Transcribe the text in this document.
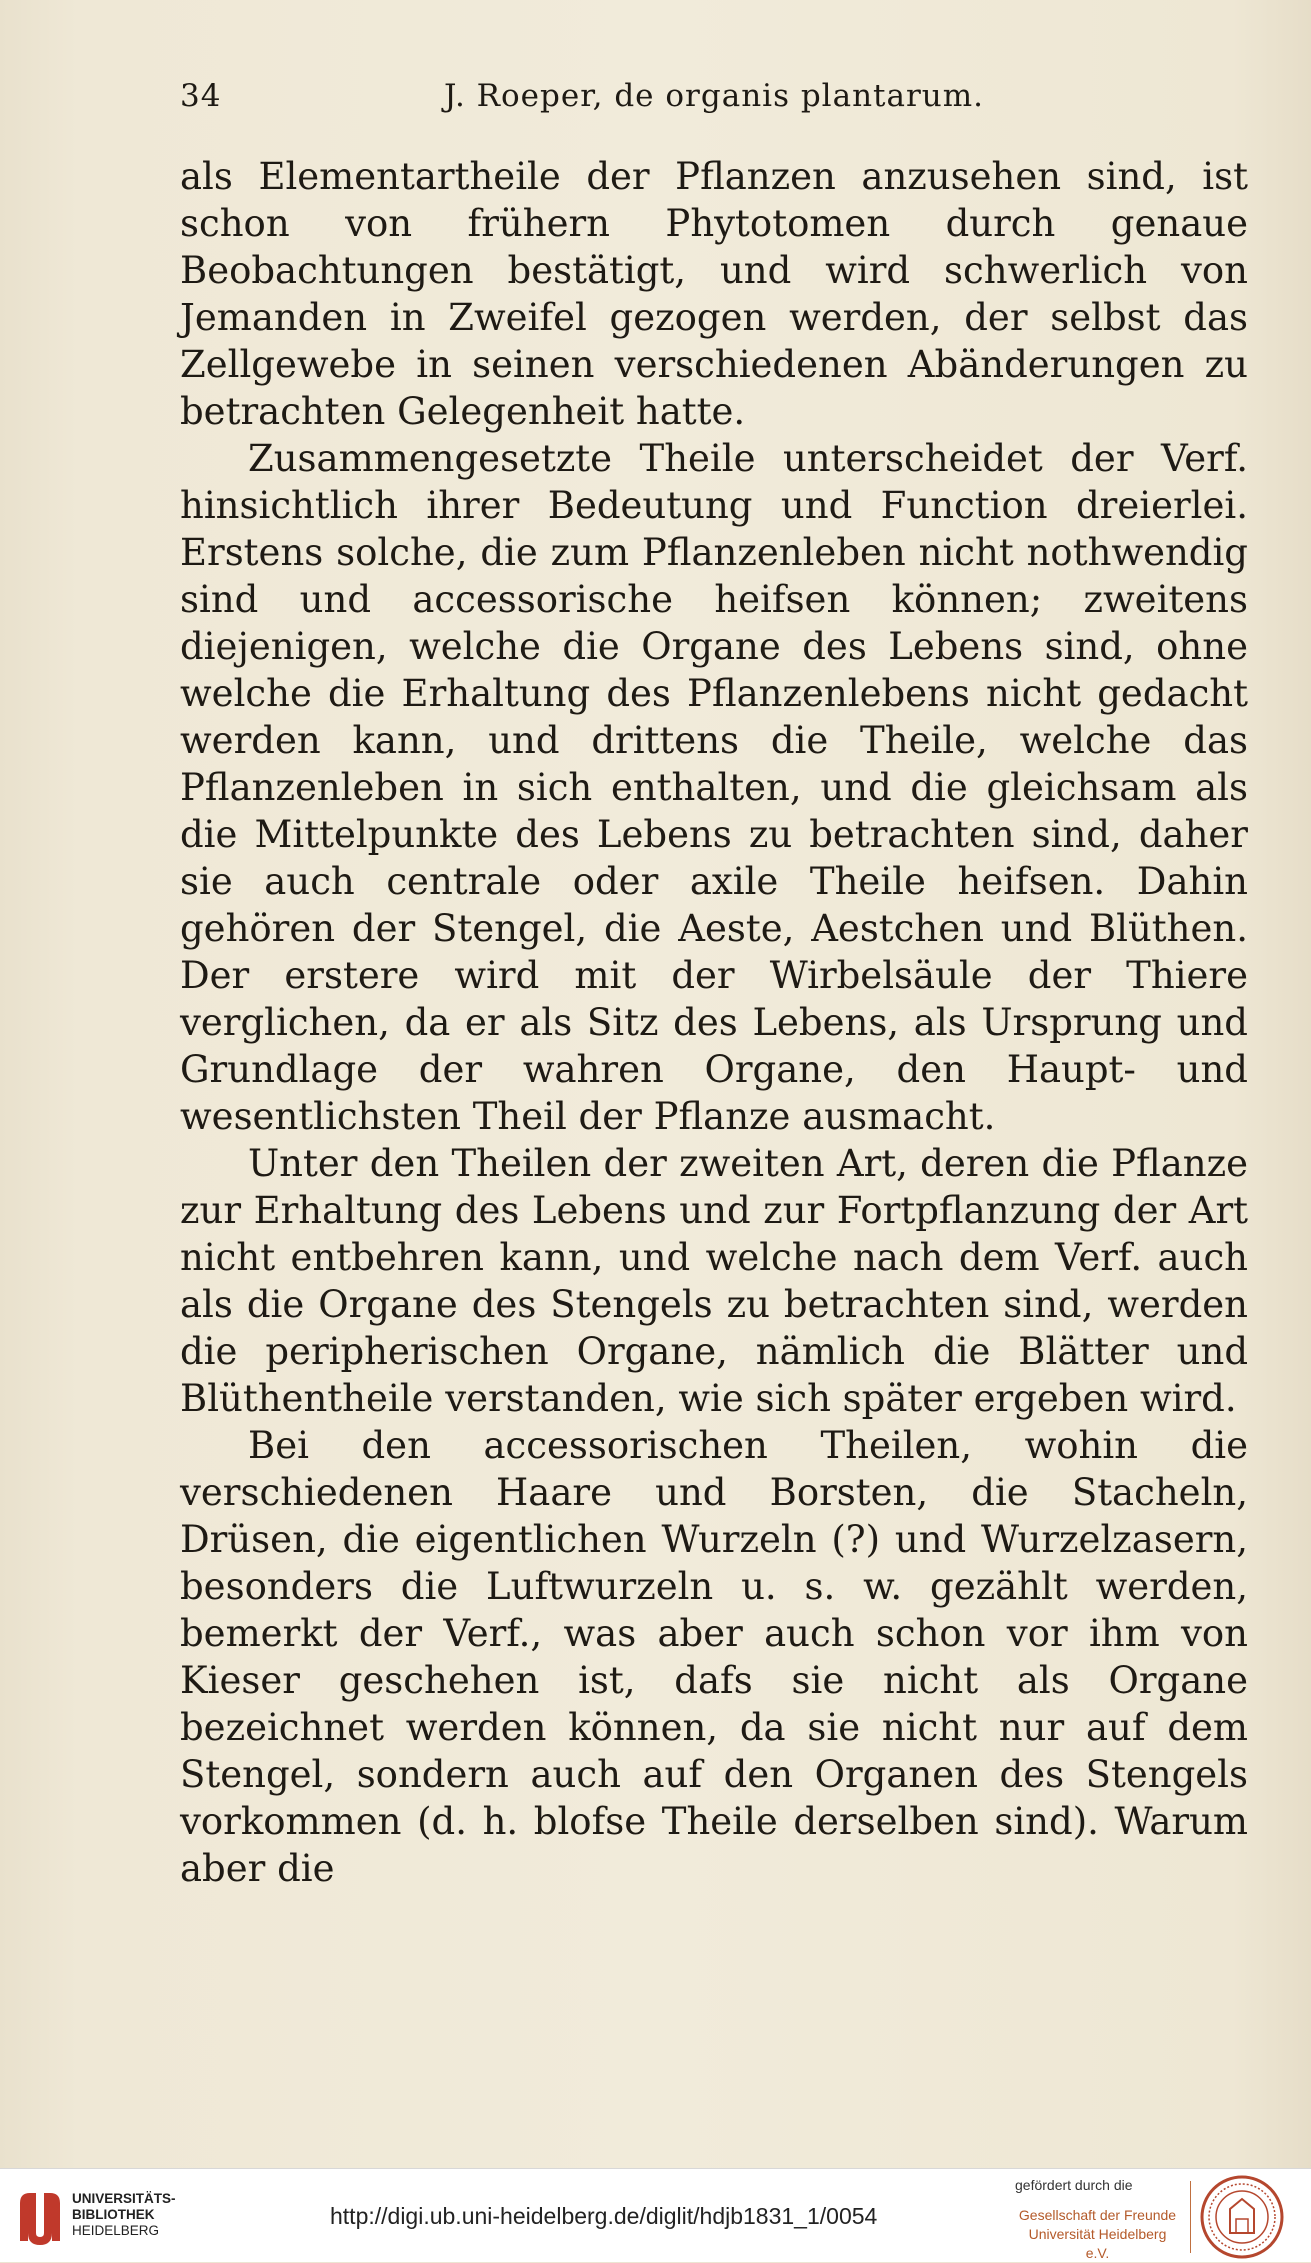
34	J. Roeper, de organis plantarum.

als Elementartheile der Pflanzen anzusehen sind, ist schon von frühern Phytotomen durch genaue Beobachtungen bestätigt, und wird schwerlich von Jemanden in Zweifel gezogen werden, der selbst das Zellgewebe in seinen verschiedenen Abänderungen zu betrachten Gelegenheit hatte.

Zusammengesetzte Theile unterscheidet der Verf. hinsichtlich ihrer Bedeutung und Function dreierlei. Erstens solche, die zum Pflanzenleben nicht nothwendig sind und accessorische heifsen können; zweitens diejenigen, welche die Organe des Lebens sind, ohne welche die Erhaltung des Pflanzenlebens nicht gedacht werden kann, und drittens die Theile, welche das Pflanzenleben in sich enthalten, und die gleichsam als die Mittelpunkte des Lebens zu betrachten sind, daher sie auch centrale oder axile Theile heifsen. Dahin gehören der Stengel, die Aeste, Aestchen und Blüthen. Der erstere wird mit der Wirbelsäule der Thiere verglichen, da er als Sitz des Lebens, als Ursprung und Grundlage der wahren Organe, den Haupt- und wesentlichsten Theil der Pflanze ausmacht.

Unter den Theilen der zweiten Art, deren die Pflanze zur Erhaltung des Lebens und zur Fortpflanzung der Art nicht entbehren kann, und welche nach dem Verf. auch als die Organe des Stengels zu betrachten sind, werden die peripherischen Organe, nämlich die Blätter und Blüthentheile verstanden, wie sich später ergeben wird.

Bei den accessorischen Theilen, wohin die verschiedenen Haare und Borsten, die Stacheln, Drüsen, die eigentlichen Wurzeln (?) und Wurzelzasern, besonders die Luftwurzeln u. s. w. gezählt werden, bemerkt der Verf., was aber auch schon vor ihm von Kieser geschehen ist, dafs sie nicht als Organe bezeichnet werden können, da sie nicht nur auf dem Stengel, sondern auch auf den Organen des Stengels vorkommen (d. h. blofse Theile derselben sind). Warum aber die

UNIVERSITÄTS-
BIBLIOTHEK
HEIDELBERG
http://digi.ub.uni-heidelberg.de/diglit/hdjb1831_1/0054
gefördert durch die
Gesellschaft der Freunde
Universität Heidelberg e.V.
